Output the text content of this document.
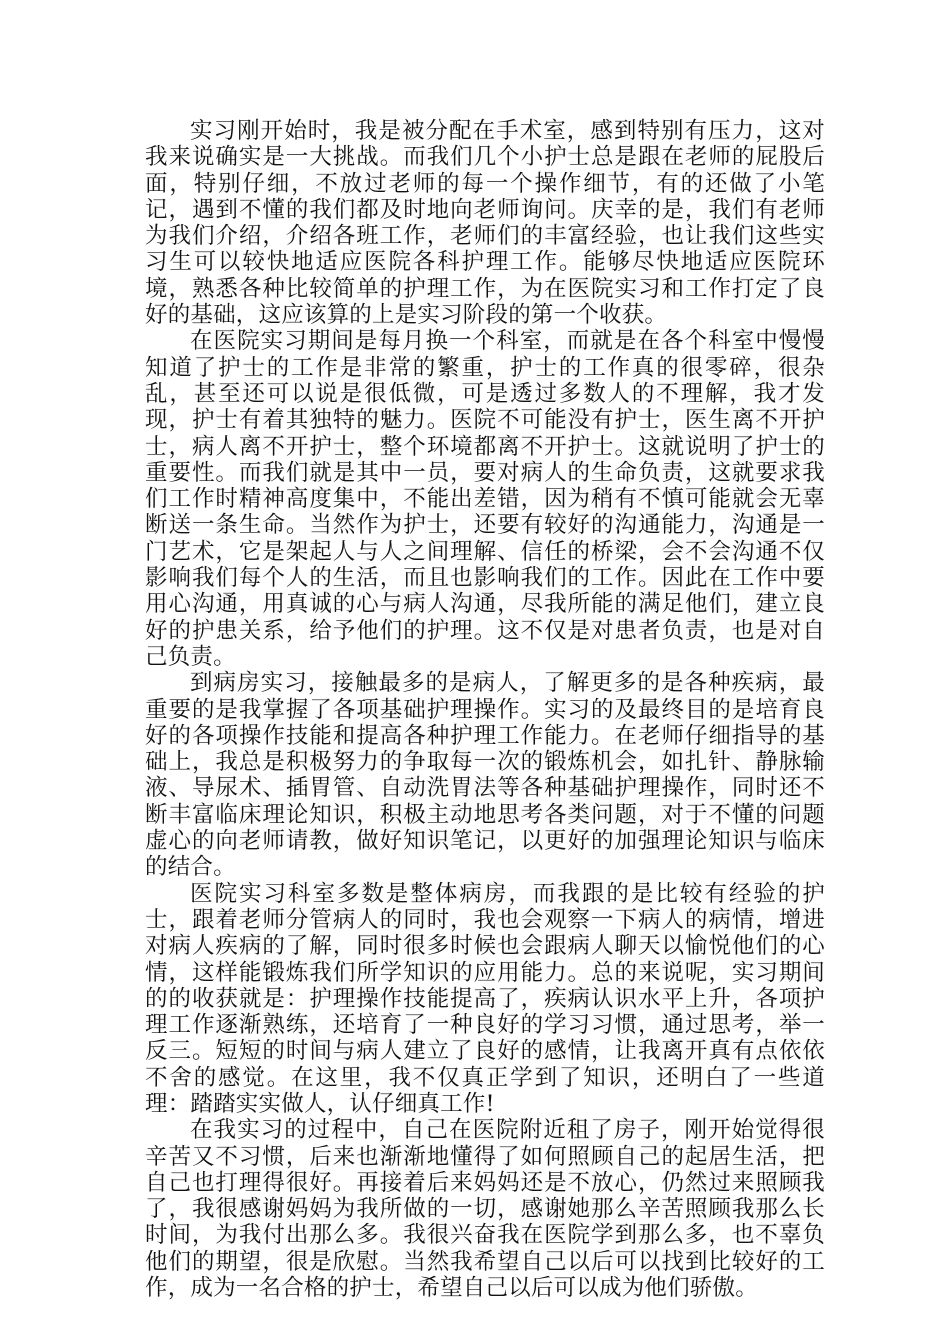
实习刚开始时，我是被分配在手术室，感到特别有压力，这对我来说确实是一大挑战。而我们几个小护士总是跟在老师的屁股后面，特别仔细，不放过老师的每一个操作细节，有的还做了小笔记，遇到不懂的我们都及时地向老师询问。庆幸的是，我们有老师为我们介绍，介绍各班工作，老师们的丰富经验，也让我们这些实习生可以较快地适应医院各科护理工作。能够尽快地适应医院环境，熟悉各种比较简单的护理工作，为在医院实习和工作打定了良好的基础，这应该算的上是实习阶段的第一个收获。

在医院实习期间是每月换一个科室，而就是在各个科室中慢慢知道了护士的工作是非常的繁重，护士的工作真的很零碎，很杂乱，甚至还可以说是很低微，可是透过多数人的不理解，我才发现，护士有着其独特的魅力。医院不可能没有护士，医生离不开护士，病人离不开护士，整个环境都离不开护士。这就说明了护士的重要性。而我们就是其中一员，要对病人的生命负责，这就要求我们工作时精神高度集中，不能出差错，因为稍有不慎可能就会无辜断送一条生命。当然作为护士，还要有较好的沟通能力，沟通是一门艺术，它是架起人与人之间理解、信任的桥梁，会不会沟通不仅影响我们每个人的生活，而且也影响我们的工作。因此在工作中要用心沟通，用真诚的心与病人沟通，尽我所能的满足他们，建立良好的护患关系，给予他们的护理。这不仅是对患者负责，也是对自己负责。

到病房实习，接触最多的是病人，了解更多的是各种疾病，最重要的是我掌握了各项基础护理操作。实习的及最终目的是培育良好的各项操作技能和提高各种护理工作能力。在老师仔细指导的基础上，我总是积极努力的争取每一次的锻炼机会，如扎针、静脉输液、导尿术、插胃管、自动洗胃法等各种基础护理操作，同时还不断丰富临床理论知识，积极主动地思考各类问题，对于不懂的问题虚心的向老师请教，做好知识笔记，以更好的加强理论知识与临床的结合。

医院实习科室多数是整体病房，而我跟的是比较有经验的护士，跟着老师分管病人的同时，我也会观察一下病人的病情，增进对病人疾病的了解，同时很多时候也会跟病人聊天以愉悦他们的心情，这样能锻炼我们所学知识的应用能力。总的来说呢，实习期间的的收获就是：护理操作技能提高了，疾病认识水平上升，各项护理工作逐渐熟练，还培育了一种良好的学习习惯，通过思考，举一反三。短短的时间与病人建立了良好的感情，让我离开真有点依依不舍的感觉。在这里，我不仅真正学到了知识，还明白了一些道理：踏踏实实做人，认仔细真工作!

在我实习的过程中，自己在医院附近租了房子，刚开始觉得很辛苦又不习惯，后来也渐渐地懂得了如何照顾自己的起居生活，把自己也打理得很好。再接着后来妈妈还是不放心，仍然过来照顾我了，我很感谢妈妈为我所做的一切，感谢她那么辛苦照顾我那么长时间，为我付出那么多。我很兴奋我在医院学到那么多，也不辜负他们的期望，很是欣慰。当然我希望自己以后可以找到比较好的工作，成为一名合格的护士，希望自己以后可以成为他们骄傲。
